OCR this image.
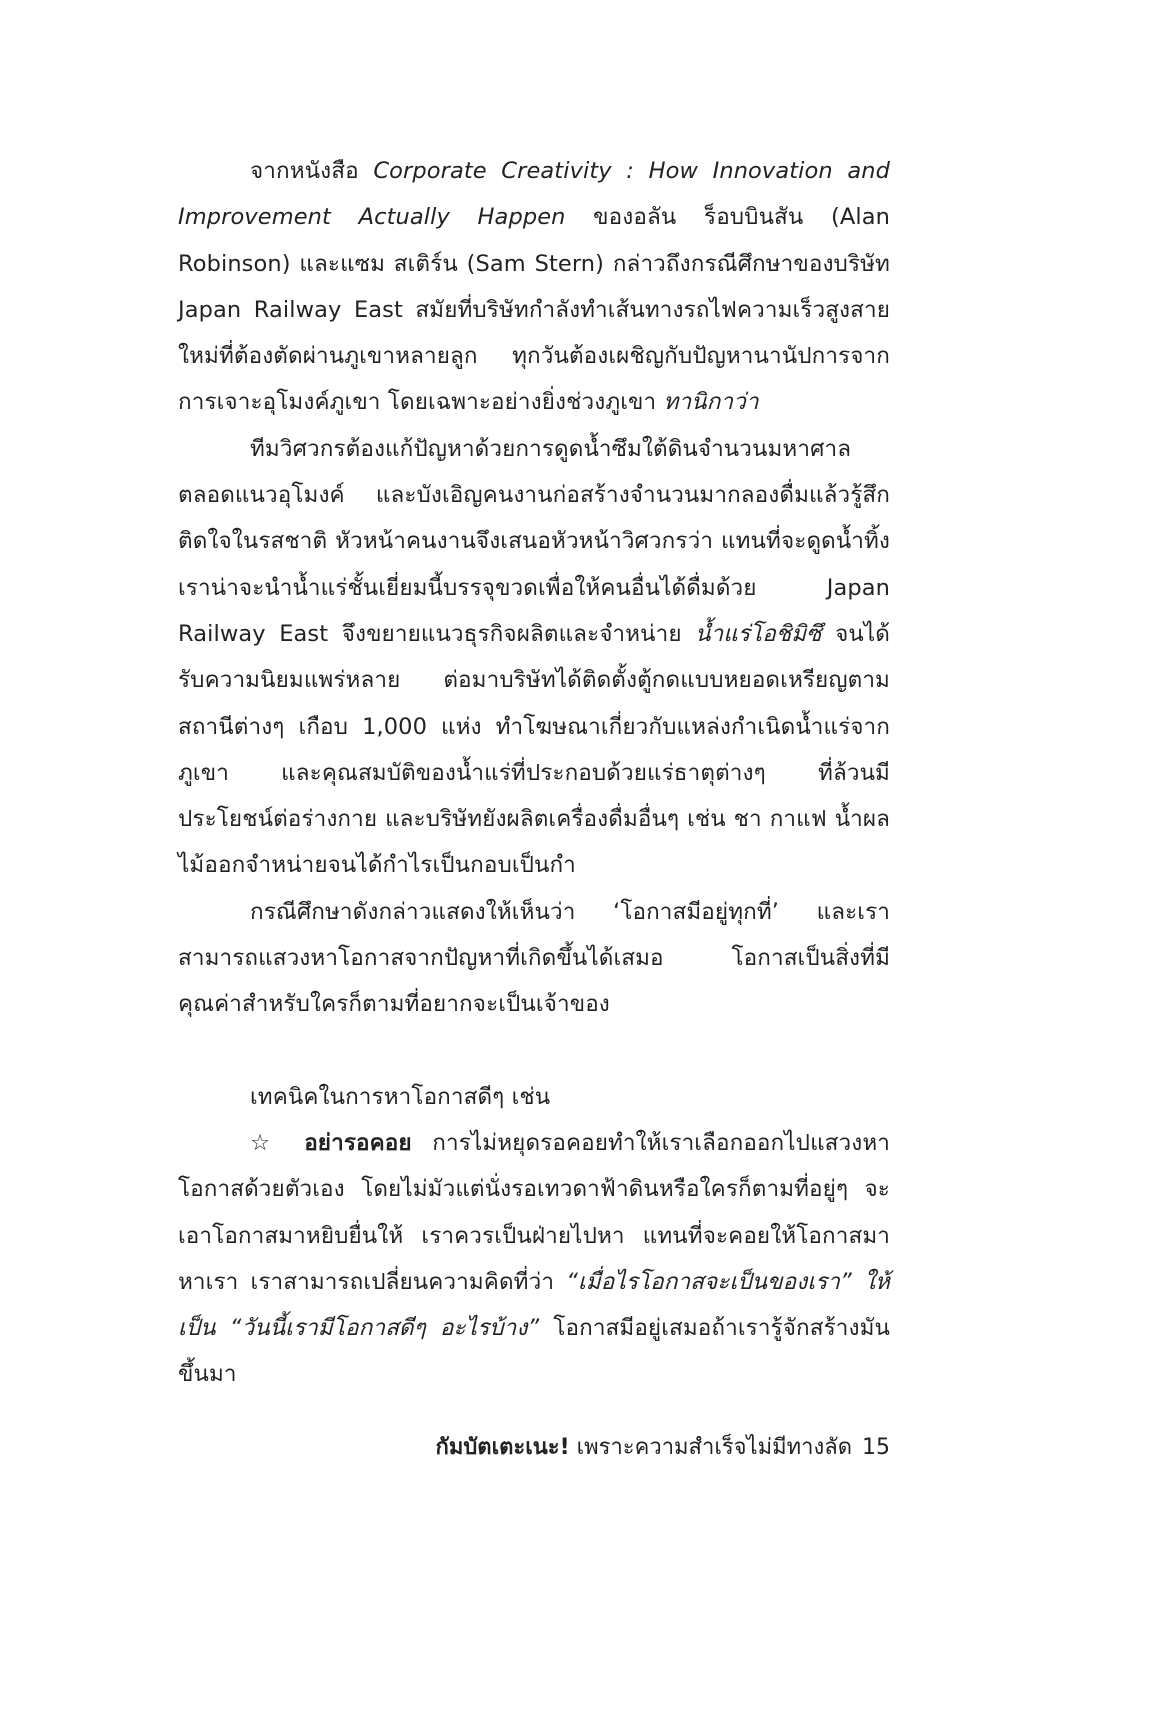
จากหนังสือ Corporate Creativity : How Innovation and Improvement Actually Happen ของอลัน ร็อบบินสัน (Alan Robinson) และแซม สเติร์น (Sam Stern) กล่าวถึงกรณีศึกษาของบริษัท Japan Railway East สมัยที่บริษัทกำลังทำเส้นทางรถไฟความเร็วสูงสายใหม่ที่ต้องตัดผ่านภูเขาหลายลูก ทุกวันต้องเผชิญกับปัญหานานัปการจากการเจาะอุโมงค์ภูเขา โดยเฉพาะอย่างยิ่งช่วงภูเขา ทานิกาว่า

ทีมวิศวกรต้องแก้ปัญหาด้วยการดูดน้ำซึมใต้ดินจำนวนมหาศาลตลอดแนวอุโมงค์ และบังเอิญคนงานก่อสร้างจำนวนมากลองดื่มแล้วรู้สึกติดใจในรสชาติ หัวหน้าคนงานจึงเสนอหัวหน้าวิศวกรว่า แทนที่จะดูดน้ำทิ้งเราน่าจะนำน้ำแร่ชั้นเยี่ยมนี้บรรจุขวดเพื่อให้คนอื่นได้ดื่มด้วย Japan Railway East จึงขยายแนวธุรกิจผลิตและจำหน่าย น้ำแร่โอชิมิซึ จนได้รับความนิยมแพร่หลาย ต่อมาบริษัทได้ติดตั้งตู้กดแบบหยอดเหรียญตามสถานีต่างๆ เกือบ 1,000 แห่ง ทำโฆษณาเกี่ยวกับแหล่งกำเนิดน้ำแร่จากภูเขา และคุณสมบัติของน้ำแร่ที่ประกอบด้วยแร่ธาตุต่างๆ ที่ล้วนมีประโยชน์ต่อร่างกาย และบริษัทยังผลิตเครื่องดื่มอื่นๆ เช่น ชา กาแฟ น้ำผลไม้ออกจำหน่ายจนได้กำไรเป็นกอบเป็นกำ

กรณีศึกษาดังกล่าวแสดงให้เห็นว่า ‘โอกาสมีอยู่ทุกที่’ และเราสามารถแสวงหาโอกาสจากปัญหาที่เกิดขึ้นได้เสมอ โอกาสเป็นสิ่งที่มีคุณค่าสำหรับใครก็ตามที่อยากจะเป็นเจ้าของ

เทคนิคในการหาโอกาสดีๆ เช่น

☆ อย่ารอคอย การไม่หยุดรอคอยทำให้เราเลือกออกไปแสวงหาโอกาสด้วยตัวเอง โดยไม่มัวแต่นั่งรอเทวดาฟ้าดินหรือใครก็ตามที่อยู่ๆ จะเอาโอกาสมาหยิบยื่นให้ เราควรเป็นฝ่ายไปหา แทนที่จะคอยให้โอกาสมาหาเรา เราสามารถเปลี่ยนความคิดที่ว่า “เมื่อไรโอกาสจะเป็นของเรา” ให้เป็น “วันนี้เรามีโอกาสดีๆ อะไรบ้าง” โอกาสมีอยู่เสมอถ้าเรารู้จักสร้างมันขึ้นมา

กัมบัตเตะเนะ! เพราะความสำเร็จไม่มีทางลัด 15
